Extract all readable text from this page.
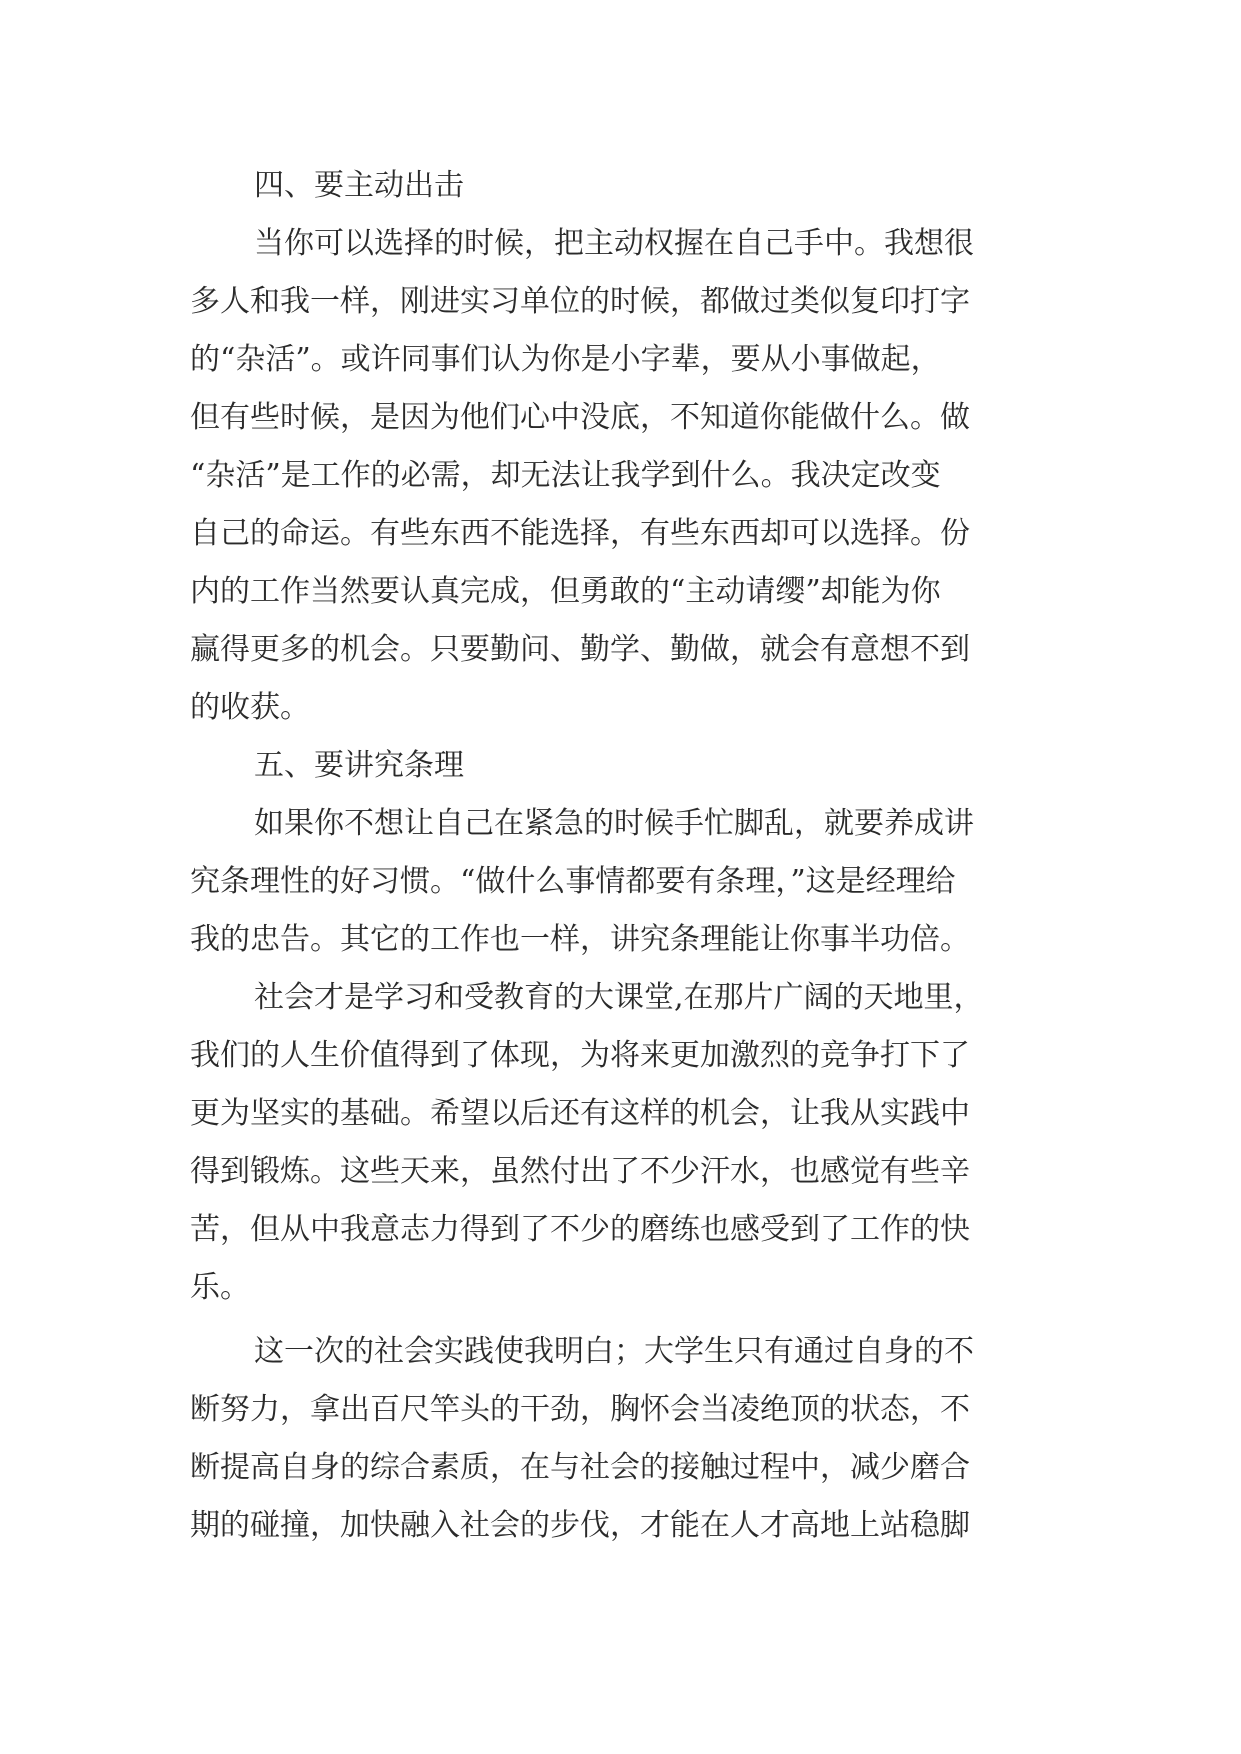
四、要主动出击
当你可以选择的时候，把主动权握在自己手中。我想很
多人和我一样，刚进实习单位的时候，都做过类似复印打字
的“杂活”。或许同事们认为你是小字辈，要从小事做起，
但有些时候，是因为他们心中没底，不知道你能做什么。做
“杂活”是工作的必需，却无法让我学到什么。我决定改变
自己的命运。有些东西不能选择，有些东西却可以选择。份
内的工作当然要认真完成，但勇敢的“主动请缨”却能为你
赢得更多的机会。只要勤问、勤学、勤做，就会有意想不到
的收获。
五、要讲究条理
如果你不想让自己在紧急的时候手忙脚乱，就要养成讲
究条理性的好习惯。“做什么事情都要有条理，”这是经理给
我的忠告。其它的工作也一样，讲究条理能让你事半功倍。
社会才是学习和受教育的大课堂,在那片广阔的天地里，
我们的人生价值得到了体现，为将来更加激烈的竞争打下了
更为坚实的基础。希望以后还有这样的机会，让我从实践中
得到锻炼。这些天来，虽然付出了不少汗水，也感觉有些辛
苦，但从中我意志力得到了不少的磨练也感受到了工作的快
乐。
这一次的社会实践使我明白；大学生只有通过自身的不
断努力，拿出百尺竿头的干劲，胸怀会当凌绝顶的状态，不
断提高自身的综合素质，在与社会的接触过程中，减少磨合
期的碰撞，加快融入社会的步伐，才能在人才高地上站稳脚
